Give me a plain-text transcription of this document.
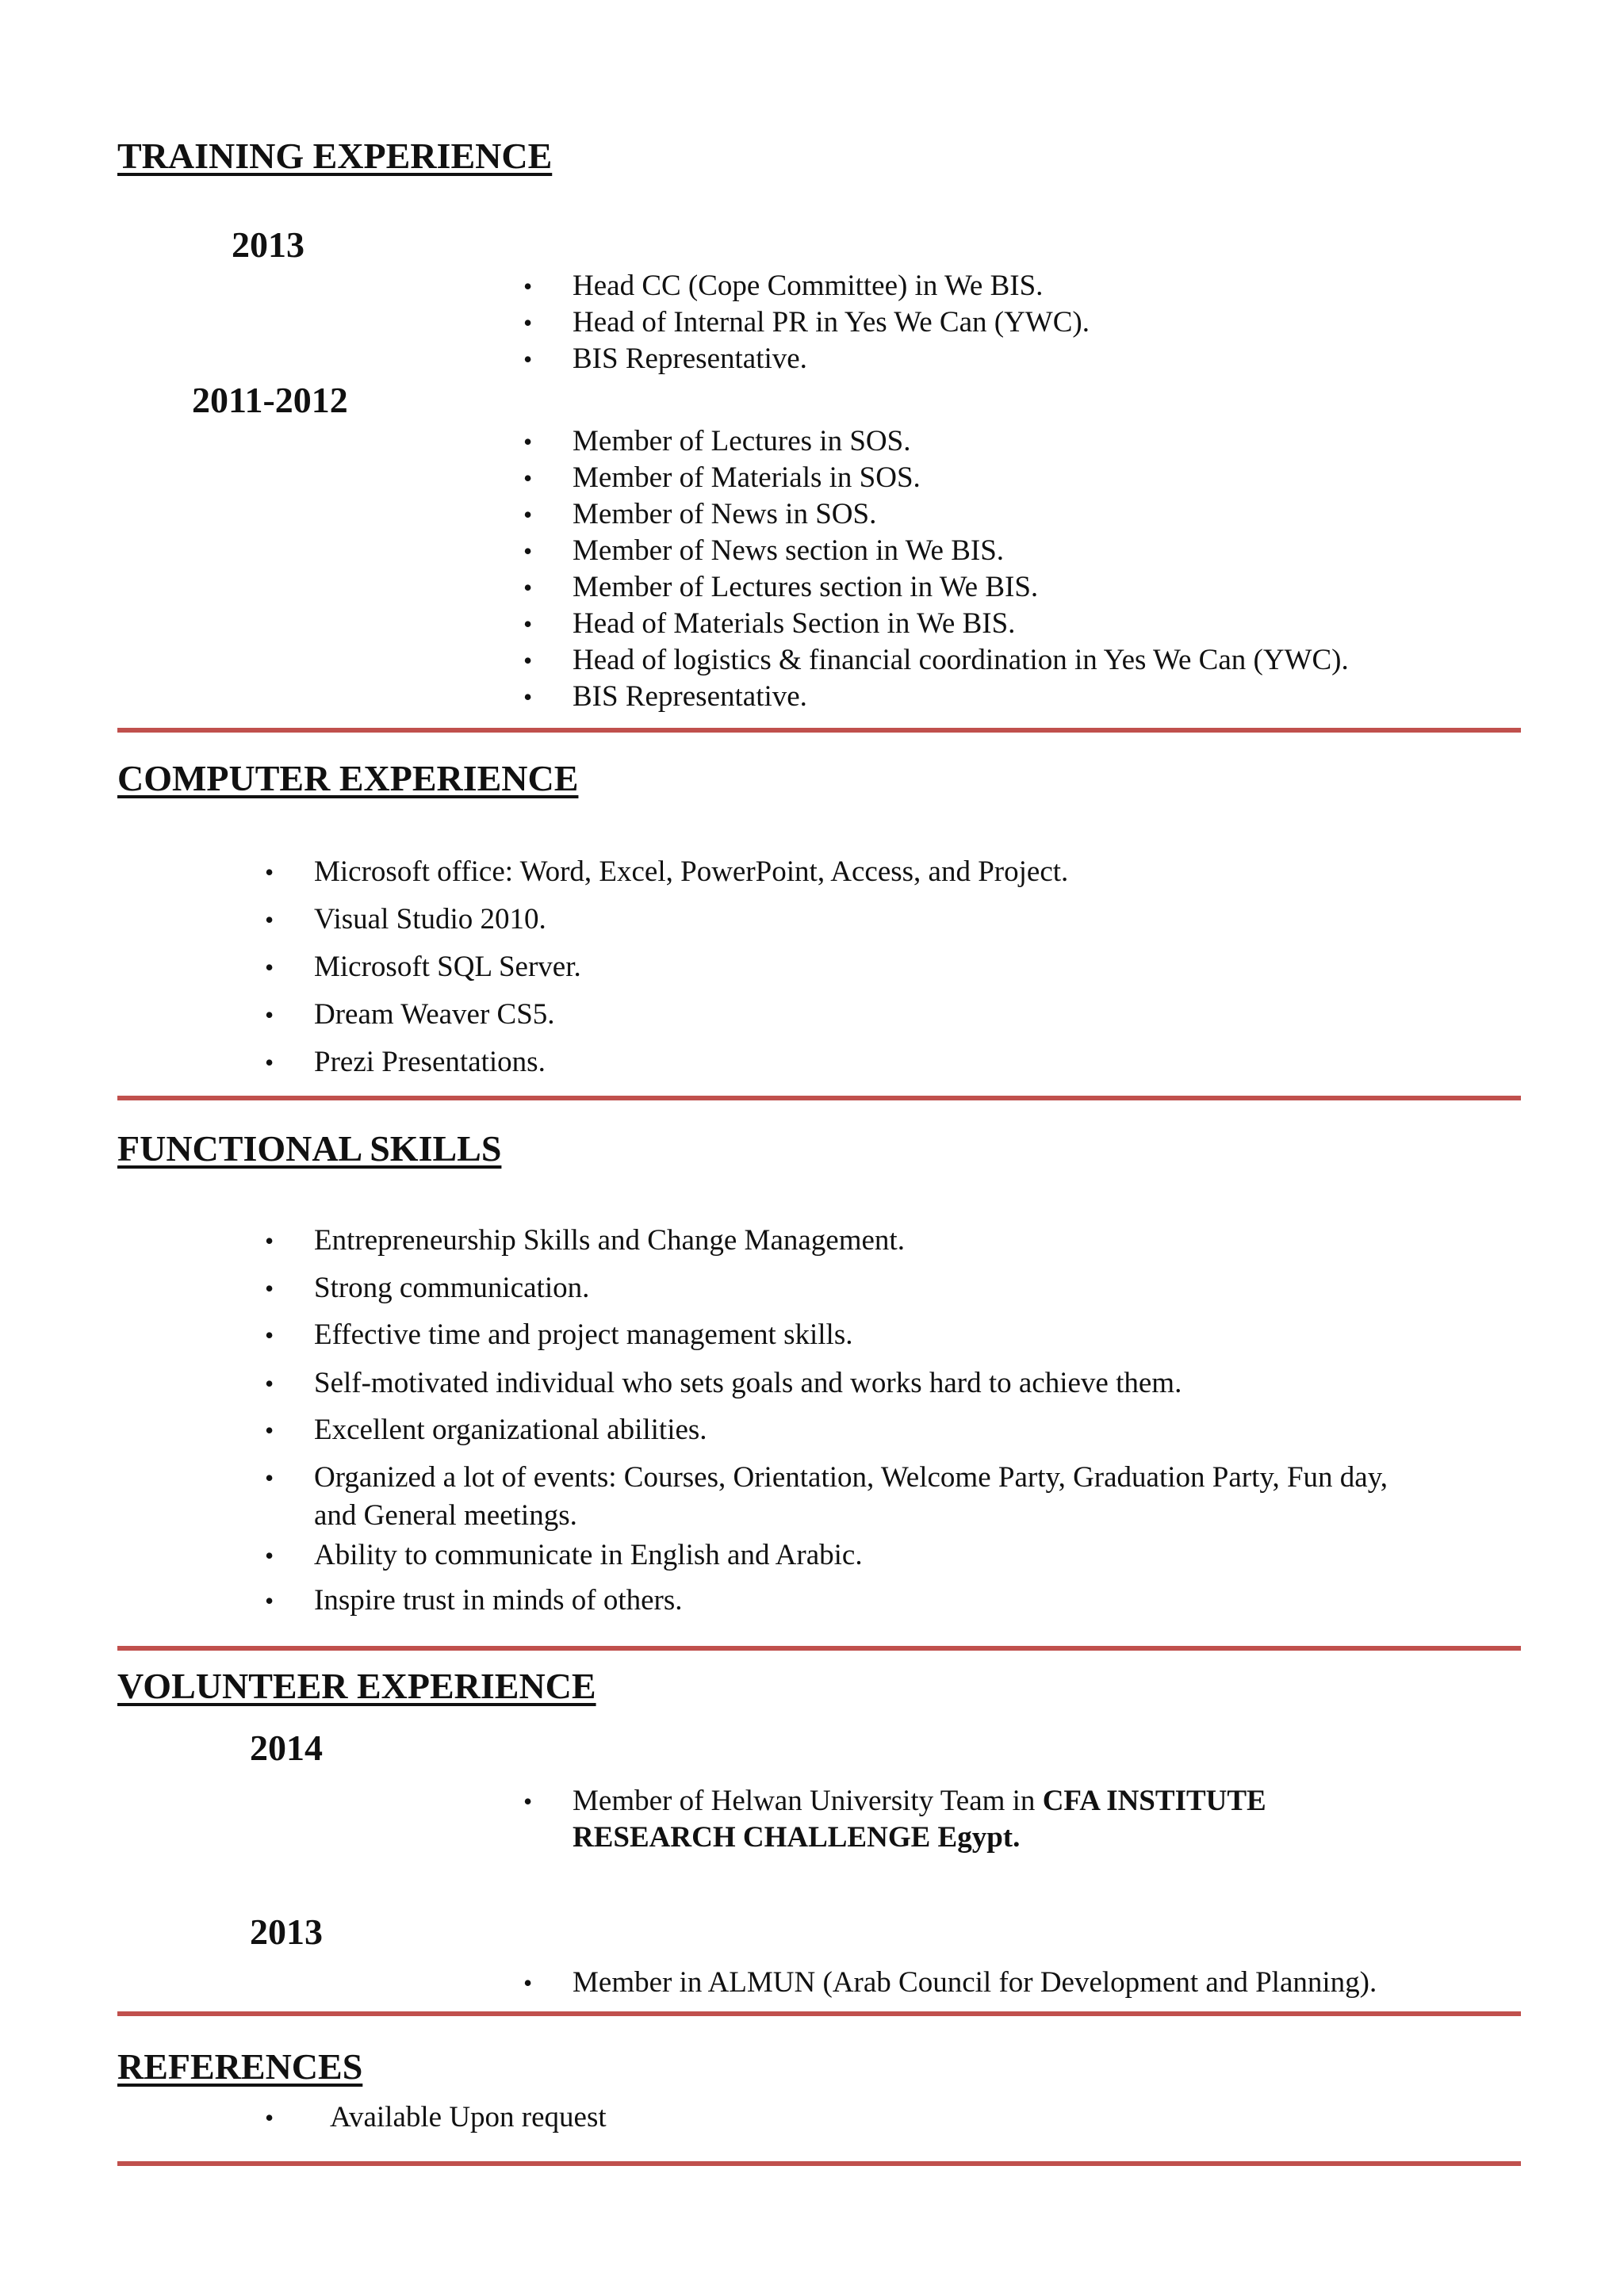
TRAINING EXPERIENCE
2013
• Head CC (Cope Committee) in We BIS.
• Head of Internal PR in Yes We Can (YWC).
• BIS Representative.
2011-2012
• Member of Lectures in SOS.
• Member of Materials in SOS.
• Member of News in SOS.
• Member of News section in We BIS.
• Member of Lectures section in We BIS.
• Head of Materials Section in We BIS.
• Head of logistics & financial coordination in Yes We Can (YWC).
• BIS Representative.
COMPUTER EXPERIENCE
• Microsoft office: Word, Excel, PowerPoint, Access, and Project.
• Visual Studio 2010.
• Microsoft SQL Server.
• Dream Weaver CS5.
• Prezi Presentations.
FUNCTIONAL SKILLS
• Entrepreneurship Skills and Change Management.
• Strong communication.
• Effective time and project management skills.
• Self-motivated individual who sets goals and works hard to achieve them.
• Excellent organizational abilities.
• Organized a lot of events: Courses, Orientation, Welcome Party, Graduation Party, Fun day,
and General meetings.
• Ability to communicate in English and Arabic.
• Inspire trust in minds of others.
VOLUNTEER EXPERIENCE
2014
• Member of Helwan University Team in CFA INSTITUTE
RESEARCH CHALLENGE Egypt.
2013
• Member in ALMUN (Arab Council for Development and Planning).
REFERENCES
• Available Upon request
